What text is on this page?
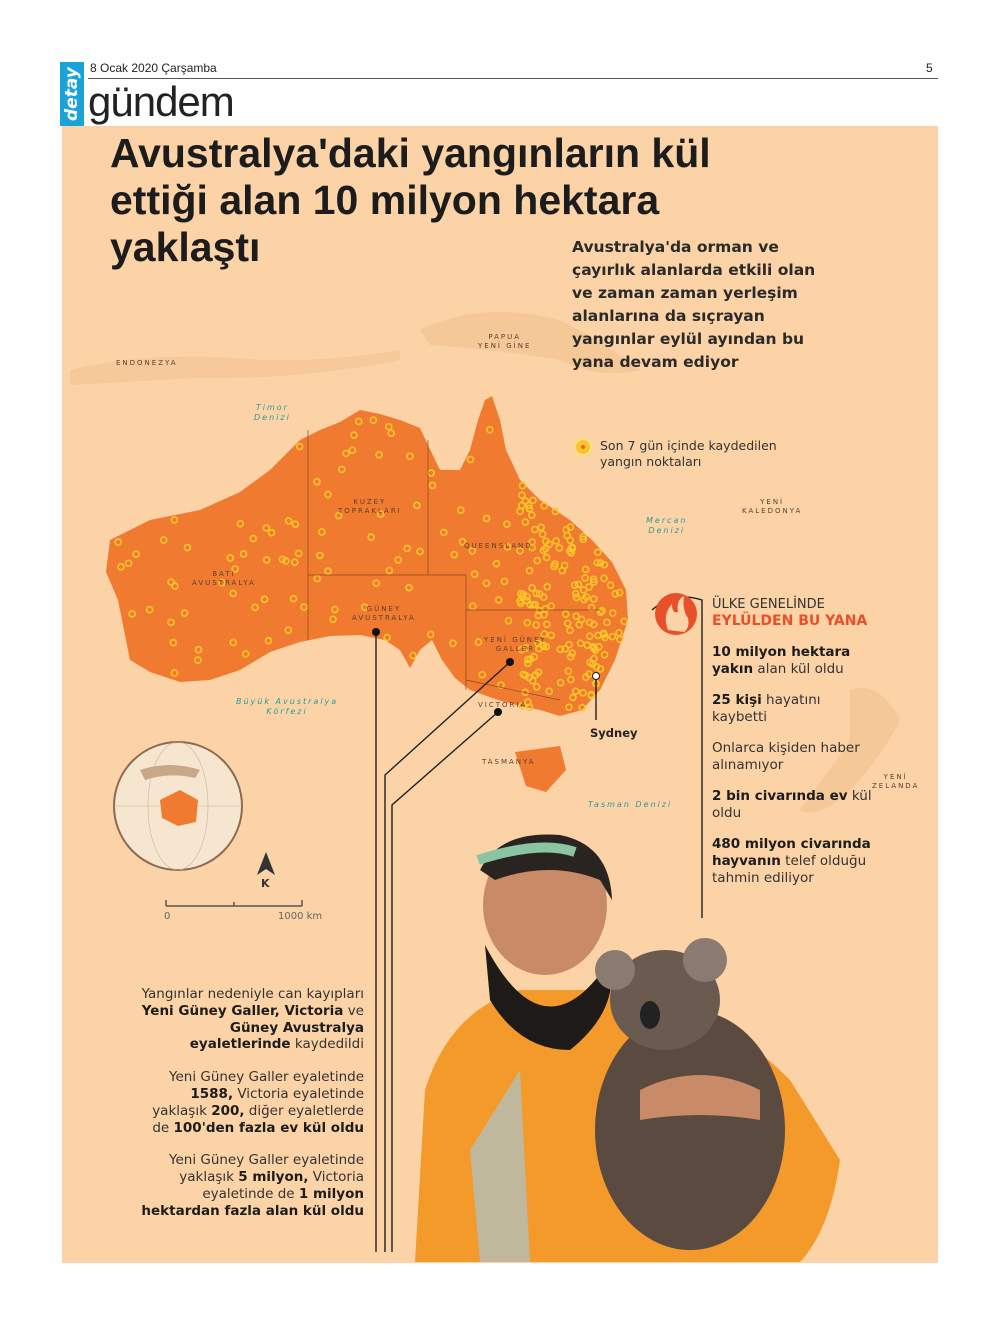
detay 8 Ocak 2020 Çarşamba	5
gündem
Avustralya'daki yangınların kül ettiği alan 10 milyon hektara yaklaştı	Avustralya'da orman ve çayırlık alanlarda etkili olan ve zaman zaman yerleşim alanlarına da sıçrayan yangınlar eylül ayından bu yana devam ediyor
ENDONEZYA
PAPUA
YENİ GİNE
YENİ
KALEDONYA
YENİ
ZELANDA
Timor
Denizi
Mercan
Denizi
Büyük Avustralya
Körfezi
Tasman Denizi
KUZEY
TOPRAKLARI
QUEENSLAND
BATI
AVUSTRALYA
GÜNEY
AVUSTRALYA
YENİ GÜNEY
GALLER
VICTORIA
TASMANYA
Sydney
K
0	1000 km
Son 7 gün içinde kaydedilen
yangın noktaları
ÜLKE GENELİNDE
EYLÜLDEN BU YANA

10 milyon hektara yakın alan kül oldu

25 kişi hayatını kaybetti

Onlarca kişiden haber alınamıyor

2 bin civarında ev kül oldu

480 milyon civarında hayvanın telef olduğu tahmin ediliyor

Yangınlar nedeniyle can kayıpları Yeni Güney Galler, Victoria ve Güney Avustralya eyaletlerinde kaydedildi

Yeni Güney Galler eyaletinde 1588, Victoria eyaletinde yaklaşık 200, diğer eyaletlerde de 100'den fazla ev kül oldu

Yeni Güney Galler eyaletinde yaklaşık 5 milyon, Victoria eyaletinde de 1 milyon hektardan fazla alan kül oldu
